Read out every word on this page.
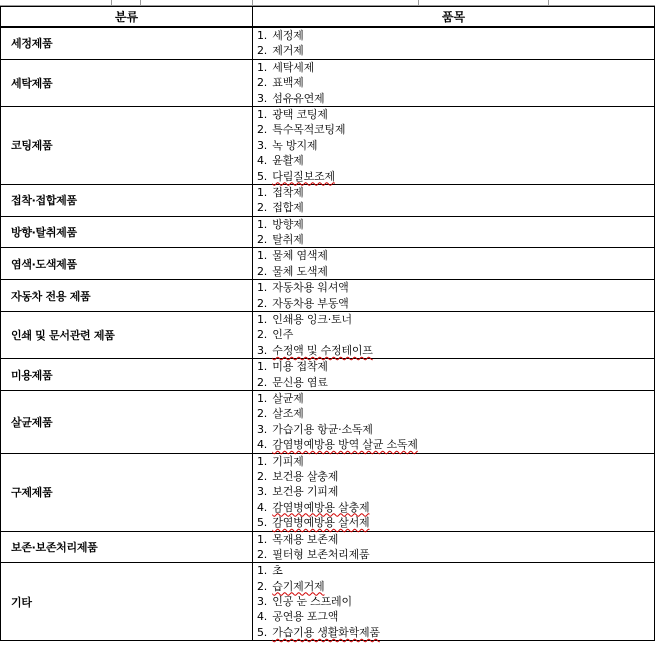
분류	품목
세정제품	1. 세정제
2. 제거제

세탁제품	1. 세탁세제
2. 표백제
3. 섬유유연제

코팅제품	1. 광택 코팅제
2. 특수목적코팅제
3. 녹 방지제
4. 윤활제
5. 다림질보조제

접착·접합제품	1. 접착제
2. 접합제

방향·탈취제품	1. 방향제
2. 탈취제

염색·도색제품	1. 물체 염색제
2. 물체 도색제

자동차 전용 제품	1. 자동차용 워셔액
2. 자동차용 부동액

인쇄 및 문서관련 제품	1. 인쇄용 잉크·토너
2. 인주
3. 수정액 및 수정테이프

미용제품	1. 미용 접착제
2. 문신용 염료

살균제품	1. 살균제
2. 살조제
3. 가습기용 항균·소독제
4. 감염병예방용 방역 살균 소독제

구제제품	1. 기피제
2. 보건용 살충제
3. 보건용 기피제
4. 감염병예방용 살충제
5. 감염병예방용 살서제

보존·보존처리제품	1. 목재용 보존제
2. 필터형 보존처리제품

기타	1. 초
2. 습기제거제
3. 인공 눈 스프레이
4. 공연용 포그액
5. 가습기용 생활화학제품
